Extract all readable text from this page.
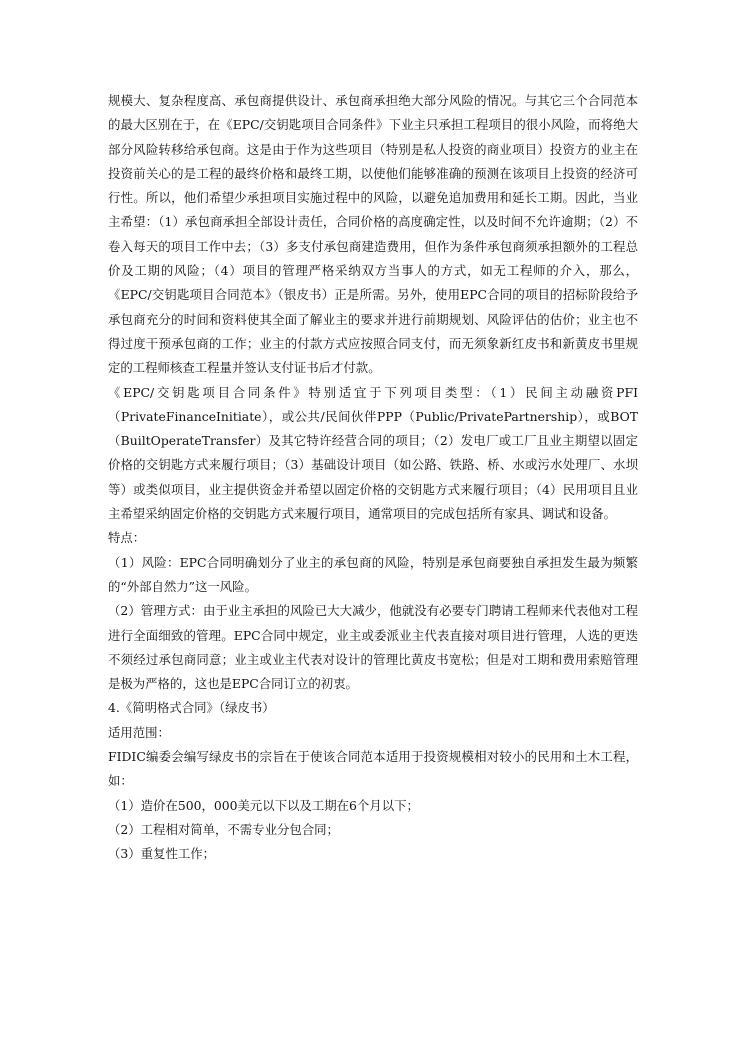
规模大、复杂程度高、承包商提供设计、承包商承担绝大部分风险的情况。与其它三个合同范本的最大区别在于，在《EPC/交钥匙项目合同条件》下业主只承担工程项目的很小风险，而将绝大部分风险转移给承包商。这是由于作为这些项目（特别是私人投资的商业项目）投资方的业主在投资前关心的是工程的最终价格和最终工期，以使他们能够准确的预测在该项目上投资的经济可行性。所以，他们希望少承担项目实施过程中的风险，以避免追加费用和延长工期。因此，当业主希望：（1）承包商承担全部设计责任，合同价格的高度确定性，以及时间不允许逾期；（2）不卷入每天的项目工作中去；（3）多支付承包商建造费用，但作为条件承包商须承担额外的工程总价及工期的风险；（4）项目的管理严格采纳双方当事人的方式，如无工程师的介入，那么，《EPC/交钥匙项目合同范本》（银皮书）正是所需。另外，使用EPC合同的项目的招标阶段给予承包商充分的时间和资料使其全面了解业主的要求并进行前期规划、风险评估的估价；业主也不得过度干预承包商的工作；业主的付款方式应按照合同支付，而无须象新红皮书和新黄皮书里规定的工程师核查工程量并签认支付证书后才付款。

《EPC/交钥匙项目合同条件》特别适宜于下列项目类型：（1）民间主动融资PFI（PrivateFinanceInitiate），或公共/民间伙伴PPP（Public/PrivatePartnership），或BOT（BuiltOperateTransfer）及其它特许经营合同的项目；（2）发电厂或工厂且业主期望以固定价格的交钥匙方式来履行项目；（3）基础设计项目（如公路、铁路、桥、水或污水处理厂、水坝等）或类似项目，业主提供资金并希望以固定价格的交钥匙方式来履行项目；（4）民用项目且业主希望采纳固定价格的交钥匙方式来履行项目，通常项目的完成包括所有家具、调试和设备。

特点：

（1）风险：EPC合同明确划分了业主的承包商的风险，特别是承包商要独自承担发生最为频繁的“外部自然力”这一风险。

（2）管理方式：由于业主承担的风险已大大减少，他就没有必要专门聘请工程师来代表他对工程进行全面细致的管理。EPC合同中规定，业主或委派业主代表直接对项目进行管理，人选的更迭不须经过承包商同意；业主或业主代表对设计的管理比黄皮书宽松；但是对工期和费用索赔管理是极为严格的，这也是EPC合同订立的初衷。

4.《简明格式合同》（绿皮书）

适用范围：

FIDIC编委会编写绿皮书的宗旨在于使该合同范本适用于投资规模相对较小的民用和土木工程，如：

（1）造价在500，000美元以下以及工期在6个月以下；

（2）工程相对简单，不需专业分包合同；

（3）重复性工作；
